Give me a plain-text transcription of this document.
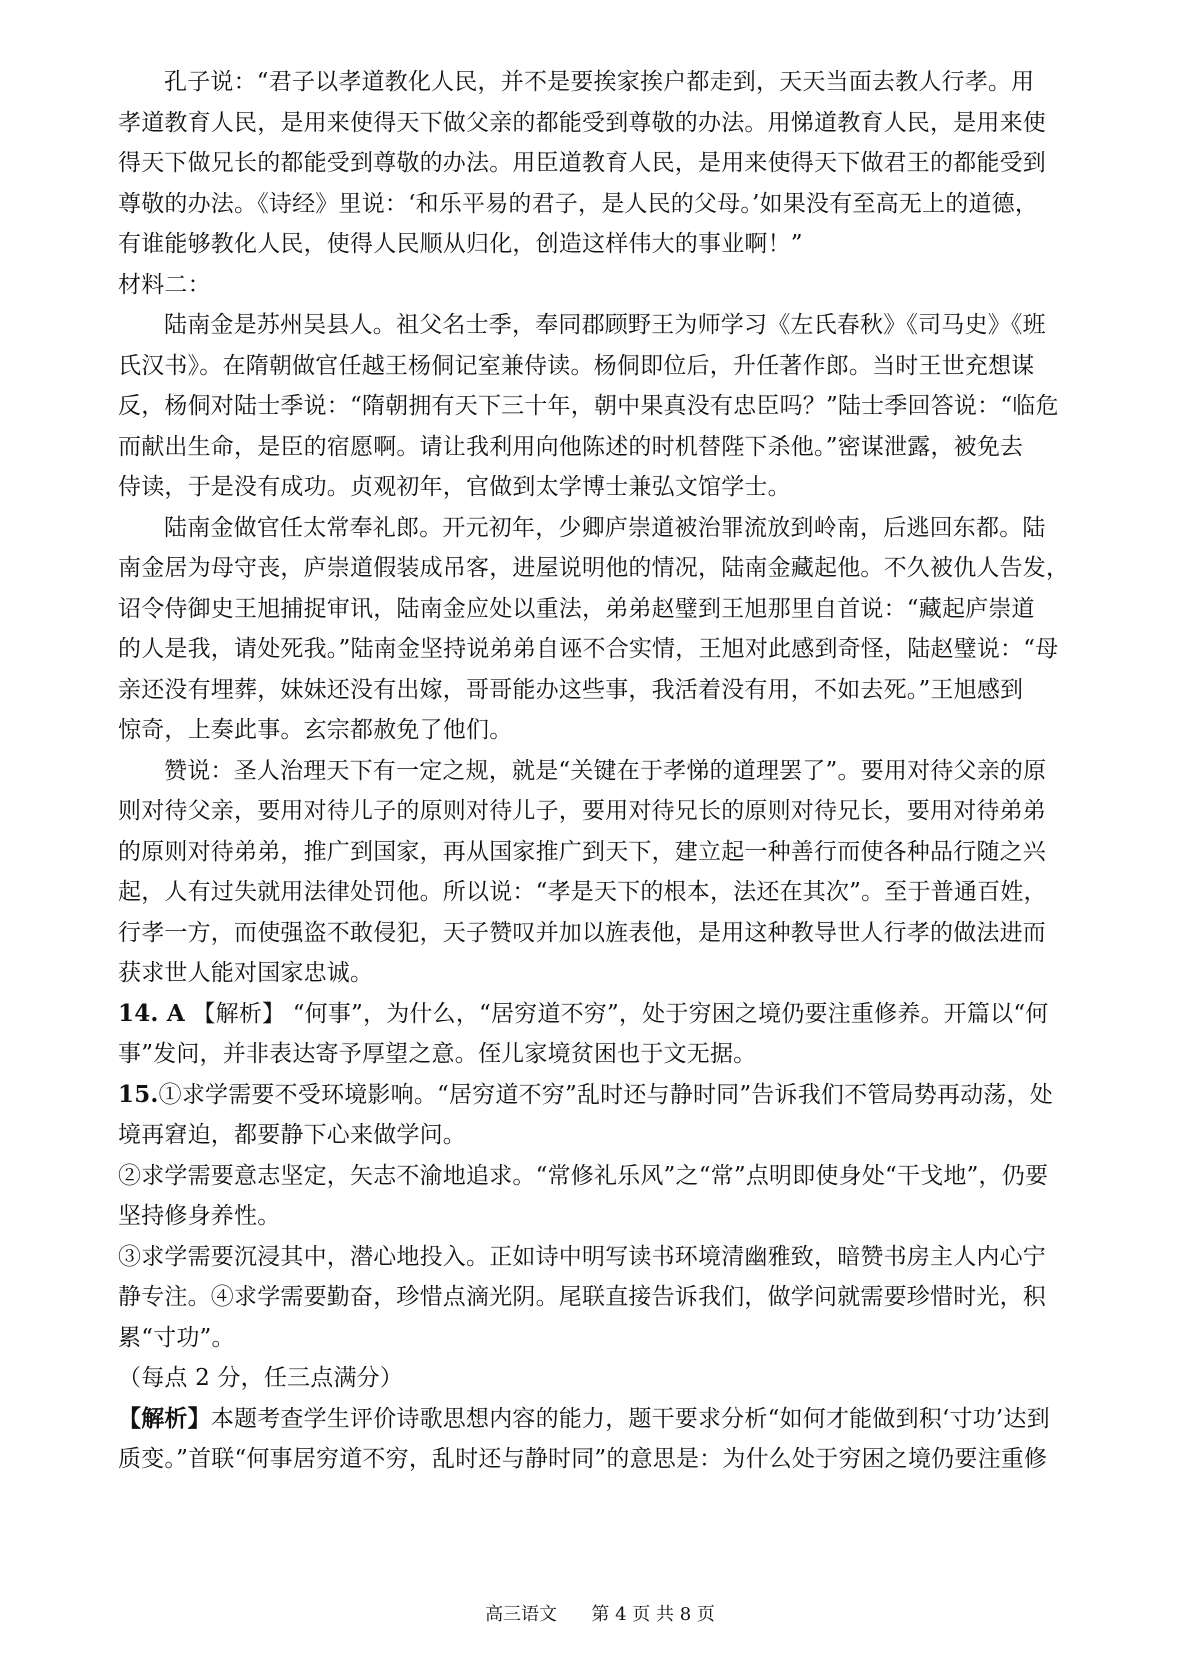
孔子说：“君子以孝道教化人民，并不是要挨家挨户都走到，天天当面去教人行孝。用
孝道教育人民，是用来使得天下做父亲的都能受到尊敬的办法。用悌道教育人民，是用来使
得天下做兄长的都能受到尊敬的办法。用臣道教育人民，是用来使得天下做君王的都能受到
尊敬的办法。《诗经》里说：‘和乐平易的君子，是人民的父母。’如果没有至高无上的道德，
有谁能够教化人民，使得人民顺从归化，创造这样伟大的事业啊！”
材料二：
陆南金是苏州吴县人。祖父名士季，奉同郡顾野王为师学习《左氏春秋》《司马史》《班
氏汉书》。在隋朝做官任越王杨侗记室兼侍读。杨侗即位后，升任著作郎。当时王世充想谋
反，杨侗对陆士季说：“隋朝拥有天下三十年，朝中果真没有忠臣吗？”陆士季回答说：“临危
而献出生命，是臣的宿愿啊。请让我利用向他陈述的时机替陛下杀他。”密谋泄露，被免去
侍读，于是没有成功。贞观初年，官做到太学博士兼弘文馆学士。
陆南金做官任太常奉礼郎。开元初年，少卿庐崇道被治罪流放到岭南，后逃回东都。陆
南金居为母守丧，庐崇道假装成吊客，进屋说明他的情况，陆南金藏起他。不久被仇人告发，
诏令侍御史王旭捕捉审讯，陆南金应处以重法，弟弟赵璧到王旭那里自首说：“藏起庐崇道
的人是我，请处死我。”陆南金坚持说弟弟自诬不合实情，王旭对此感到奇怪，陆赵璧说：“母
亲还没有埋葬，妹妹还没有出嫁，哥哥能办这些事，我活着没有用，不如去死。”王旭感到
惊奇，上奏此事。玄宗都赦免了他们。
赞说：圣人治理天下有一定之规，就是“关键在于孝悌的道理罢了”。要用对待父亲的原
则对待父亲，要用对待儿子的原则对待儿子，要用对待兄长的原则对待兄长，要用对待弟弟
的原则对待弟弟，推广到国家，再从国家推广到天下，建立起一种善行而使各种品行随之兴
起，人有过失就用法律处罚他。所以说：“孝是天下的根本，法还在其次”。至于普通百姓，
行孝一方，而使强盗不敢侵犯，天子赞叹并加以旌表他，是用这种教导世人行孝的做法进而
获求世人能对国家忠诚。
14. A 【解析】 “何事”，为什么，“居穷道不穷”，处于穷困之境仍要注重修养。开篇以“何
事”发问，并非表达寄予厚望之意。侄儿家境贫困也于文无据。
15.①求学需要不受环境影响。“居穷道不穷”乱时还与静时同”告诉我们不管局势再动荡，处
境再窘迫，都要静下心来做学问。
②求学需要意志坚定，矢志不渝地追求。“常修礼乐风”之“常”点明即使身处“干戈地”，仍要
坚持修身养性。
③求学需要沉浸其中，潜心地投入。正如诗中明写读书环境清幽雅致，暗赞书房主人内心宁
静专注。④求学需要勤奋，珍惜点滴光阴。尾联直接告诉我们，做学问就需要珍惜时光，积
累“寸功”。
（每点 2 分，任三点满分）
【解析】本题考查学生评价诗歌思想内容的能力，题干要求分析“如何才能做到积‘寸功’达到
质变。”首联“何事居穷道不穷，乱时还与静时同”的意思是：为什么处于穷困之境仍要注重修
高三语文 第 4 页 共 8 页
